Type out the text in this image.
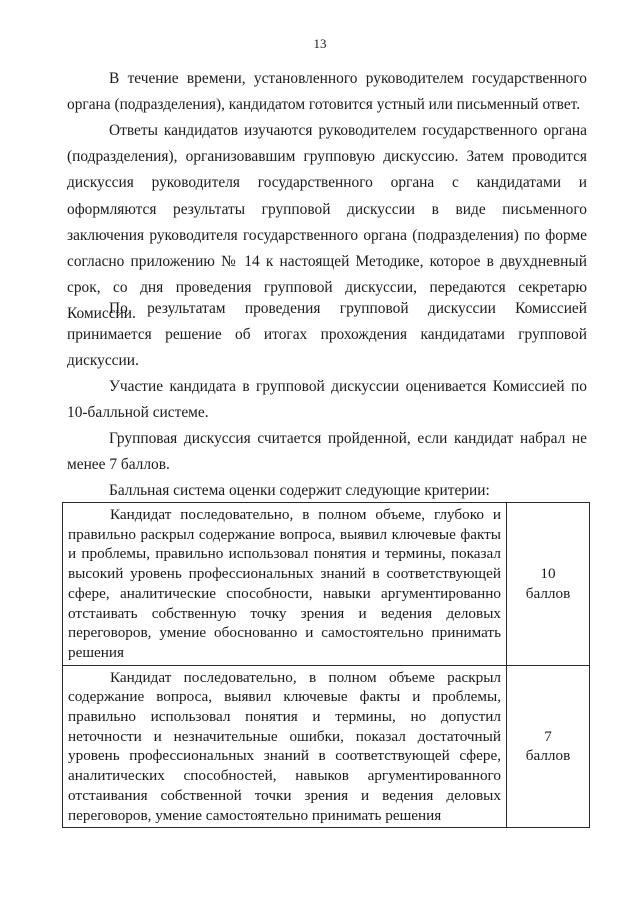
13

В течение времени, установленного руководителем государственного органа (подразделения), кандидатом готовится устный или письменный ответ.

Ответы кандидатов изучаются руководителем государственного органа (подразделения), организовавшим групповую дискуссию. Затем проводится дискуссия руководителя государственного органа с кандидатами и оформляются результаты групповой дискуссии в виде письменного заключения руководителя государственного органа (подразделения) по форме согласно приложению № 14 к настоящей Методике, которое в двухдневный срок, со дня проведения групповой дискуссии, передаются секретарю Комиссии.

По результатам проведения групповой дискуссии Комиссией принимается решение об итогах прохождения кандидатами групповой дискуссии.

Участие кандидата в групповой дискуссии оценивается Комиссией по 10-балльной системе.

Групповая дискуссия считается пройденной, если кандидат набрал не менее 7 баллов.

Балльная система оценки содержит следующие критерии:

Кандидат последовательно, в полном объеме, глубоко и правильно раскрыл содержание вопроса, выявил ключевые факты и проблемы, правильно использовал понятия и термины, показал высокий уровень профессиональных знаний в соответствующей сфере, аналитические способности, навыки аргументированно отстаивать собственную точку зрения и ведения деловых переговоров, умение обоснованно и самостоятельно принимать решения	10
баллов

Кандидат последовательно, в полном объеме раскрыл содержание вопроса, выявил ключевые факты и проблемы, правильно использовал понятия и термины, но допустил неточности и незначительные ошибки, показал достаточный уровень профессиональных знаний в соответствующей сфере, аналитических способностей, навыков аргументированного отстаивания собственной точки зрения и ведения деловых переговоров, умение самостоятельно принимать решения	7
баллов
